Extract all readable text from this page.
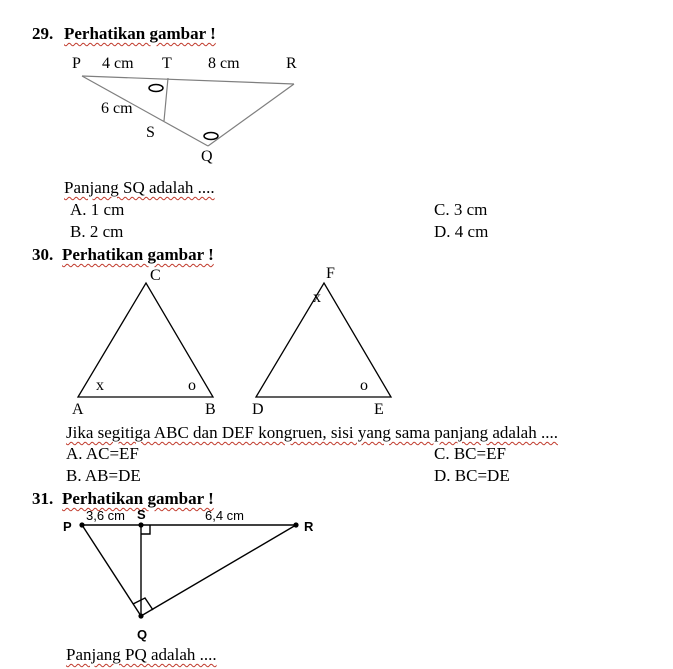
29. Perhatikan gambar !
P 4 cm T 8 cm	R
6 cm
S
Q
Panjang SQ adalah ....
A. 1 cm	C. 3 cm
B. 2 cm	D. 4 cm
30. Perhatikan gambar !
C
x	o
A	B
F
x
o
D	E
Jika segitiga ABC dan DEF kongruen, sisi yang sama panjang adalah ....
A. AC=EF	C. BC=EF
B. AB=DE	D. BC=DE
31. Perhatikan gambar !
3,6 cm S	6,4 cm
P	R
Q
Panjang PQ adalah ....
